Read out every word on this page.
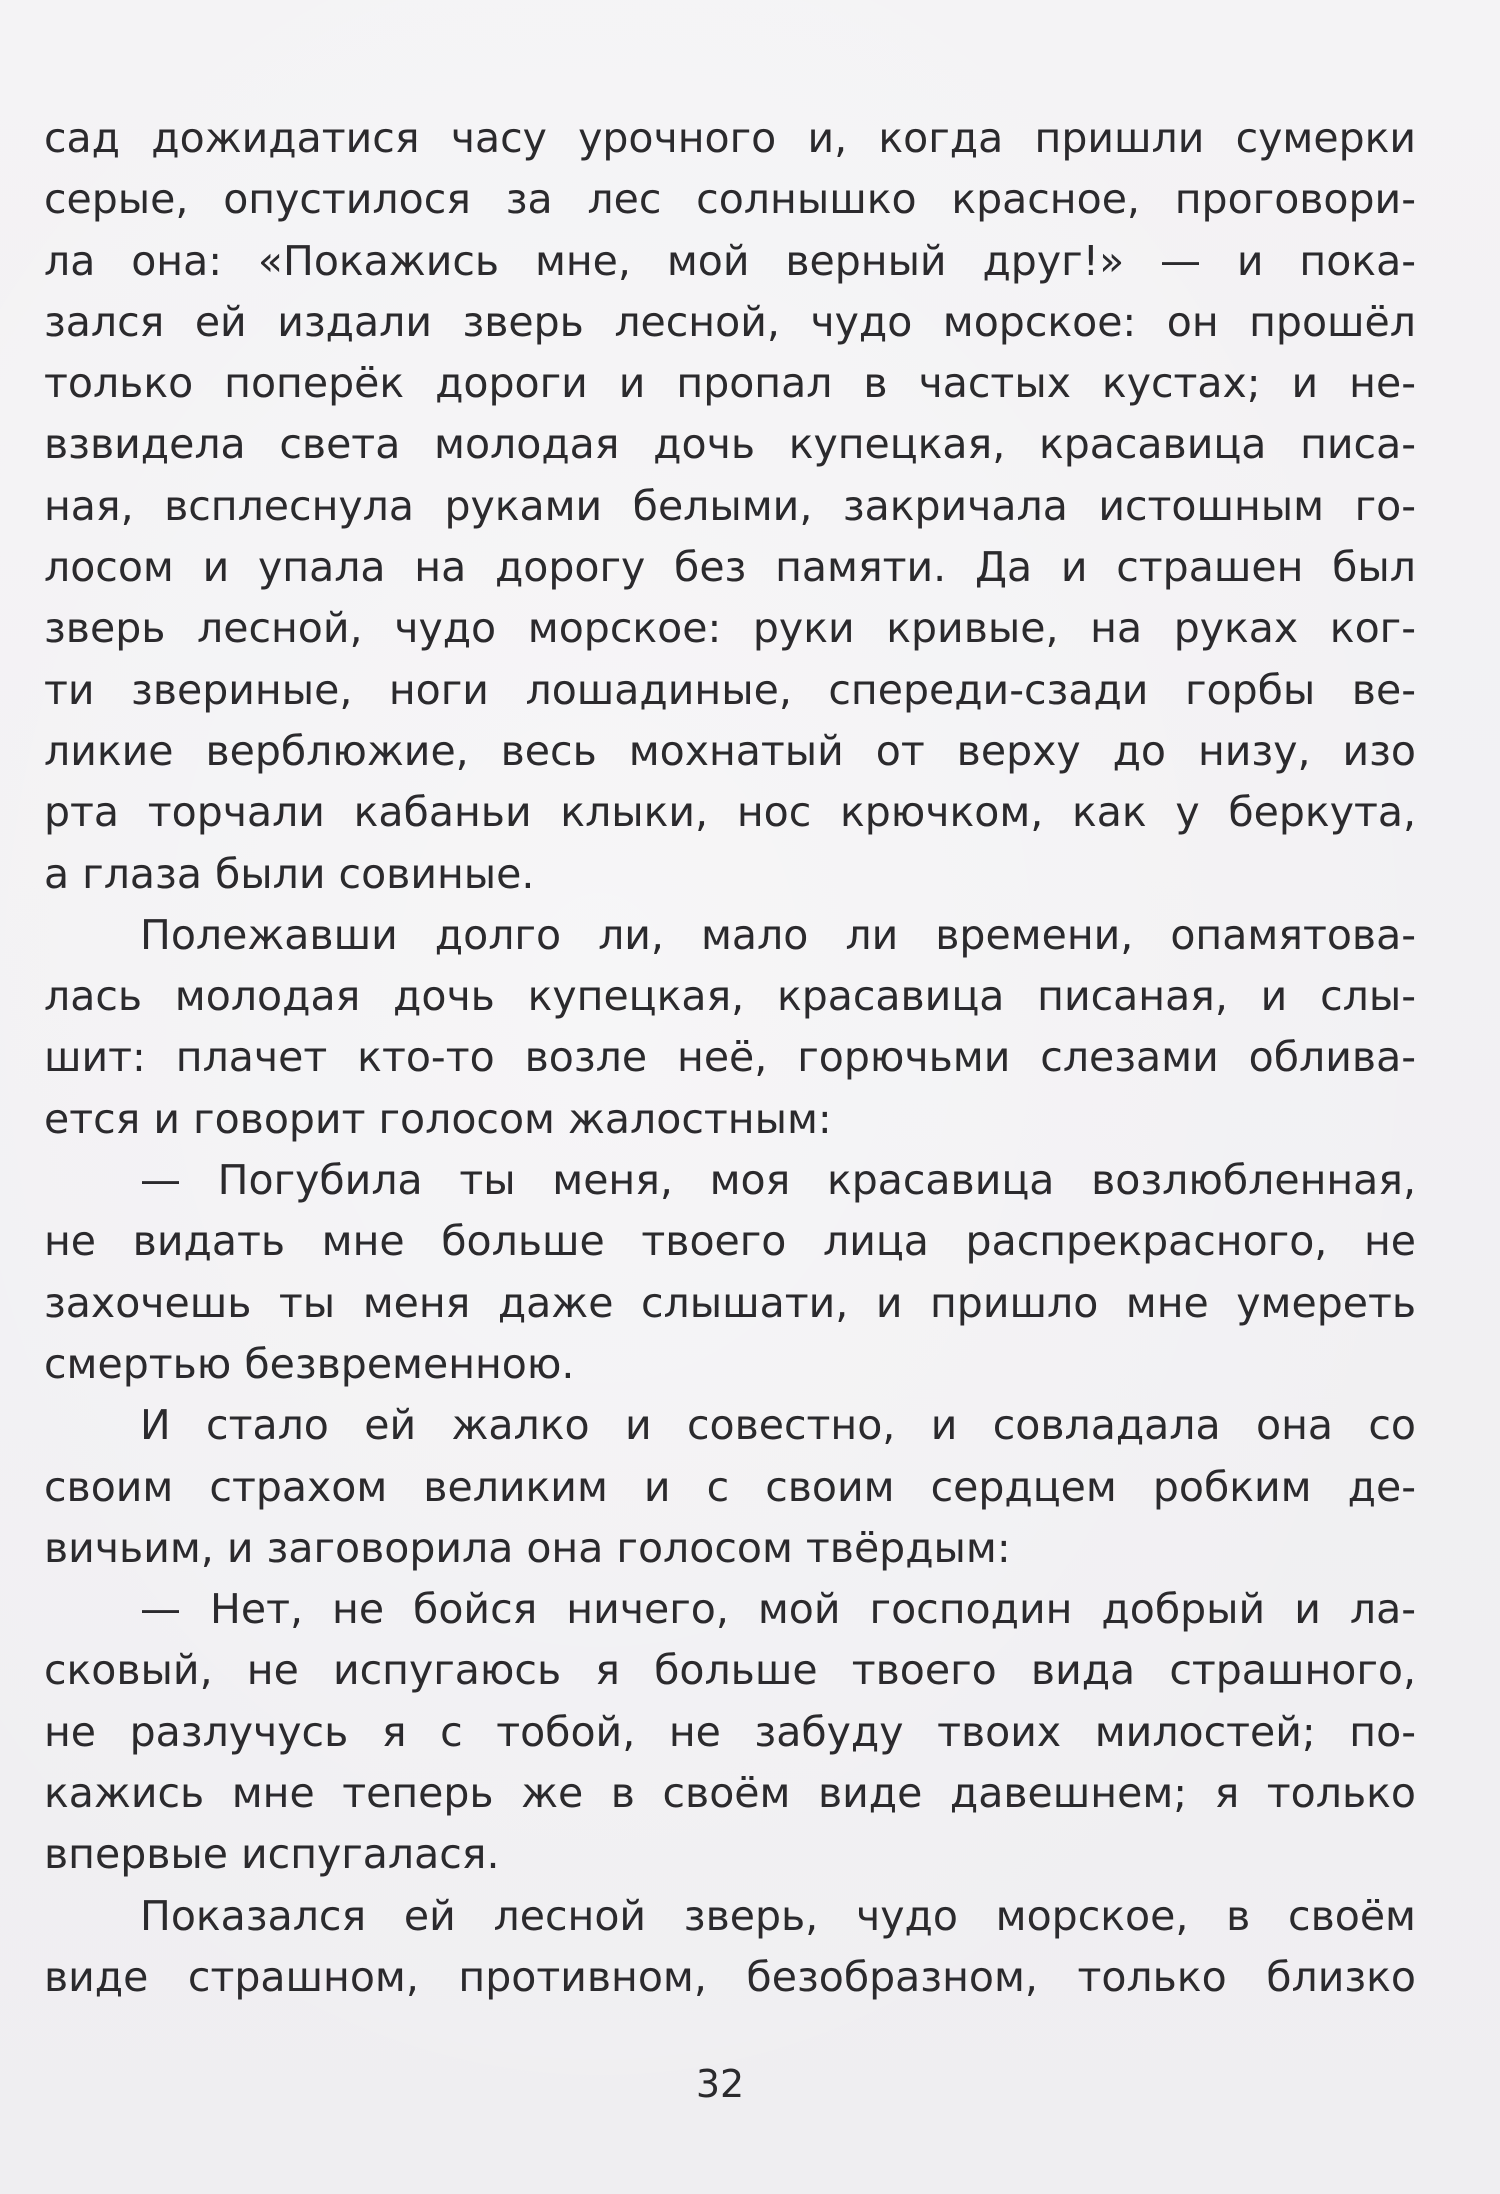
сад дожидатися часу урочного и, когда пришли сумерки
серые, опустилося за лес солнышко красное, проговори-
ла она: «Покажись мне, мой верный друг!» — и пока-
зался ей издали зверь лесной, чудо морское: он прошёл
только поперёк дороги и пропал в частых кустах; и не-
взвидела света молодая дочь купецкая, красавица писа-
ная, всплеснула руками белыми, закричала истошным го-
лосом и упала на дорогу без памяти. Да и страшен был
зверь лесной, чудо морское: руки кривые, на руках ког-
ти звериные, ноги лошадиные, спереди-сзади горбы ве-
ликие верблюжие, весь мохнатый от верху до низу, изо
рта торчали кабаньи клыки, нос крючком, как у беркута,
а глаза были совиные.
Полежавши долго ли, мало ли времени, опамятова-
лась молодая дочь купецкая, красавица писаная, и слы-
шит: плачет кто-то возле неё, горючьми слезами облива-
ется и говорит голосом жалостным:
— Погубила ты меня, моя красавица возлюбленная,
не видать мне больше твоего лица распрекрасного, не
захочешь ты меня даже слышати, и пришло мне умереть
смертью безвременною.
И стало ей жалко и совестно, и совладала она со
своим страхом великим и с своим сердцем робким де-
вичьим, и заговорила она голосом твёрдым:
— Нет, не бойся ничего, мой господин добрый и ла-
сковый, не испугаюсь я больше твоего вида страшного,
не разлучусь я с тобой, не забуду твоих милостей; по-
кажись мне теперь же в своём виде давешнем; я только
впервые испугалася.
Показался ей лесной зверь, чудо морское, в своём
виде страшном, противном, безобразном, только близко
32
